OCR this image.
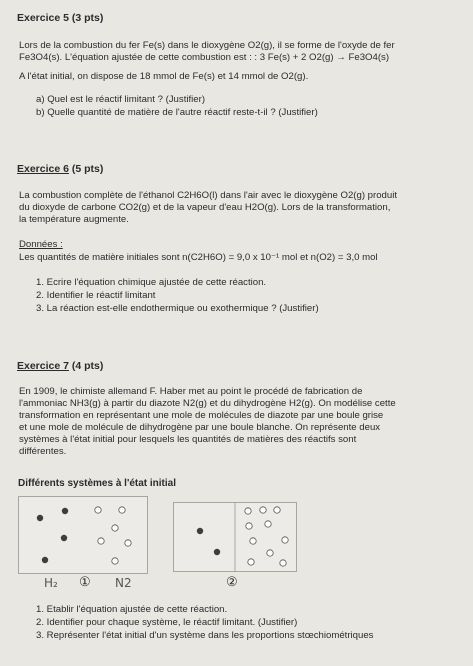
Exercice 5 (3 pts)
Lors de la combustion du fer Fe(s) dans le dioxygène O2(g), il se forme de l'oxyde de fer
Fe3O4(s). L'équation ajustée de cette combustion est : : 3 Fe(s) + 2 O2(g) → Fe3O4(s)
A l'état initial, on dispose de 18 mmol de Fe(s) et 14 mmol de O2(g).
a) Quel est le réactif limitant ? (Justifier)
b) Quelle quantité de matière de l'autre réactif reste-t-il ? (Justifier)
Exercice 6 (5 pts)
La combustion complète de l'éthanol C2H6O(l) dans l'air avec le dioxygène O2(g) produit
du dioxyde de carbone CO2(g) et de la vapeur d'eau H2O(g). Lors de la transformation,
la température augmente.
Données :
Les quantités de matière initiales sont n(C2H6O) = 9,0 x 10⁻¹ mol et n(O2) = 3,0 mol
1. Ecrire l'équation chimique ajustée de cette réaction.
2. Identifier le réactif limitant
3. La réaction est-elle endothermique ou exothermique ? (Justifier)
Exercice 7 (4 pts)
En 1909, le chimiste allemand F. Haber met au point le procédé de fabrication de
l'ammoniac NH3(g) à partir du diazote N2(g) et du dihydrogène H2(g). On modélise cette
transformation en représentant une mole de molécules de diazote par une boule grise
et une mole de molécule de dihydrogène par une boule blanche. On représente deux
systèmes à l'état initial pour lesquels les quantités de matières des réactifs sont
différentes.
Différents systèmes à l'état initial
H₂ ① N2	②
1. Etablir l'équation ajustée de cette réaction.
2. Identifier pour chaque système, le réactif limitant. (Justifier)
3. Représenter l'état initial d'un système dans les proportions stœchiométriques
